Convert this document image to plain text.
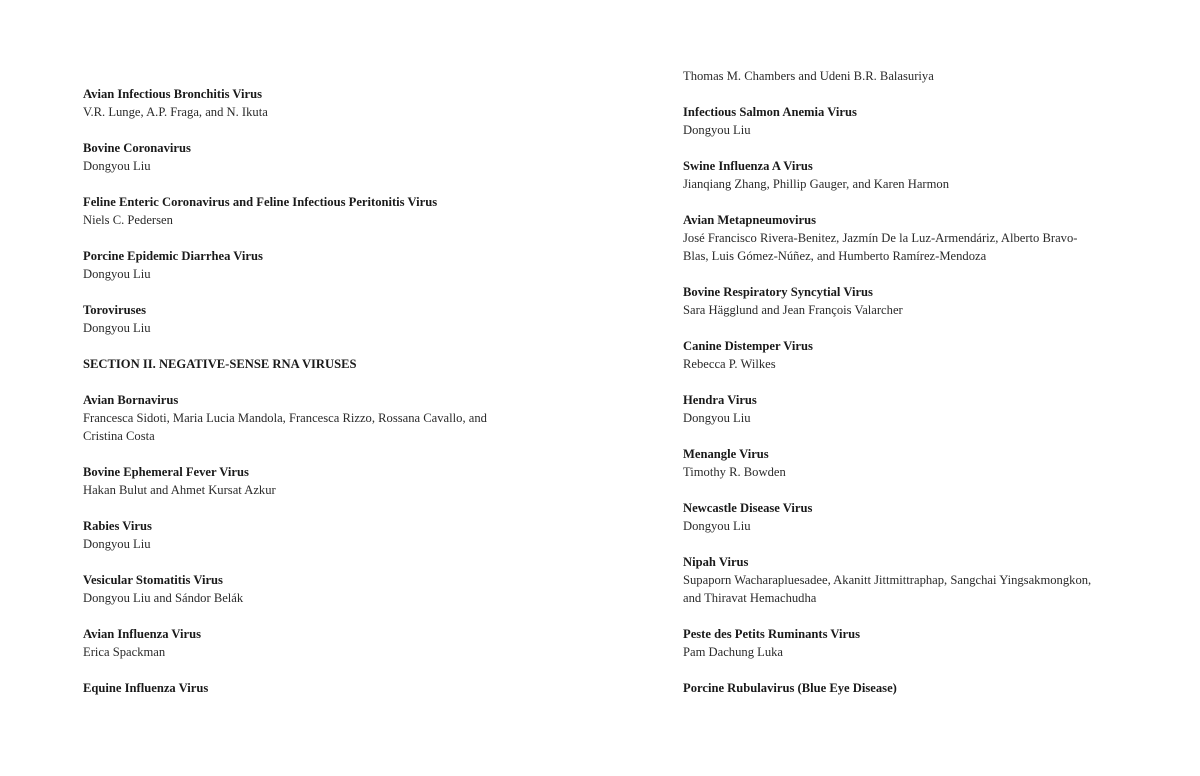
Avian Infectious Bronchitis Virus
V.R. Lunge, A.P. Fraga, and N. Ikuta
Bovine Coronavirus
Dongyou Liu
Feline Enteric Coronavirus and Feline Infectious Peritonitis Virus
Niels C. Pedersen
Porcine Epidemic Diarrhea Virus
Dongyou Liu
Toroviruses
Dongyou Liu
SECTION II. NEGATIVE-SENSE RNA VIRUSES
Avian Bornavirus
Francesca Sidoti, Maria Lucia Mandola, Francesca Rizzo, Rossana Cavallo, and
Cristina Costa
Bovine Ephemeral Fever Virus
Hakan Bulut and Ahmet Kursat Azkur
Rabies Virus
Dongyou Liu
Vesicular Stomatitis Virus
Dongyou Liu and Sándor Belák
Avian Influenza Virus
Erica Spackman
Equine Influenza Virus
Thomas M. Chambers and Udeni B.R. Balasuriya
Infectious Salmon Anemia Virus
Dongyou Liu
Swine Influenza A Virus
Jianqiang Zhang, Phillip Gauger, and Karen Harmon
Avian Metapneumovirus
José Francisco Rivera-Benitez, Jazmín De la Luz-Armendáriz, Alberto Bravo-
Blas, Luis Gómez-Núñez, and Humberto Ramírez-Mendoza
Bovine Respiratory Syncytial Virus
Sara Hägglund and Jean François Valarcher
Canine Distemper Virus
Rebecca P. Wilkes
Hendra Virus
Dongyou Liu
Menangle Virus
Timothy R. Bowden
Newcastle Disease Virus
Dongyou Liu
Nipah Virus
Supaporn Wacharapluesadee, Akanitt Jittmittraphap, Sangchai Yingsakmongkon,
and Thiravat Hemachudha
Peste des Petits Ruminants Virus
Pam Dachung Luka
Porcine Rubulavirus (Blue Eye Disease)
